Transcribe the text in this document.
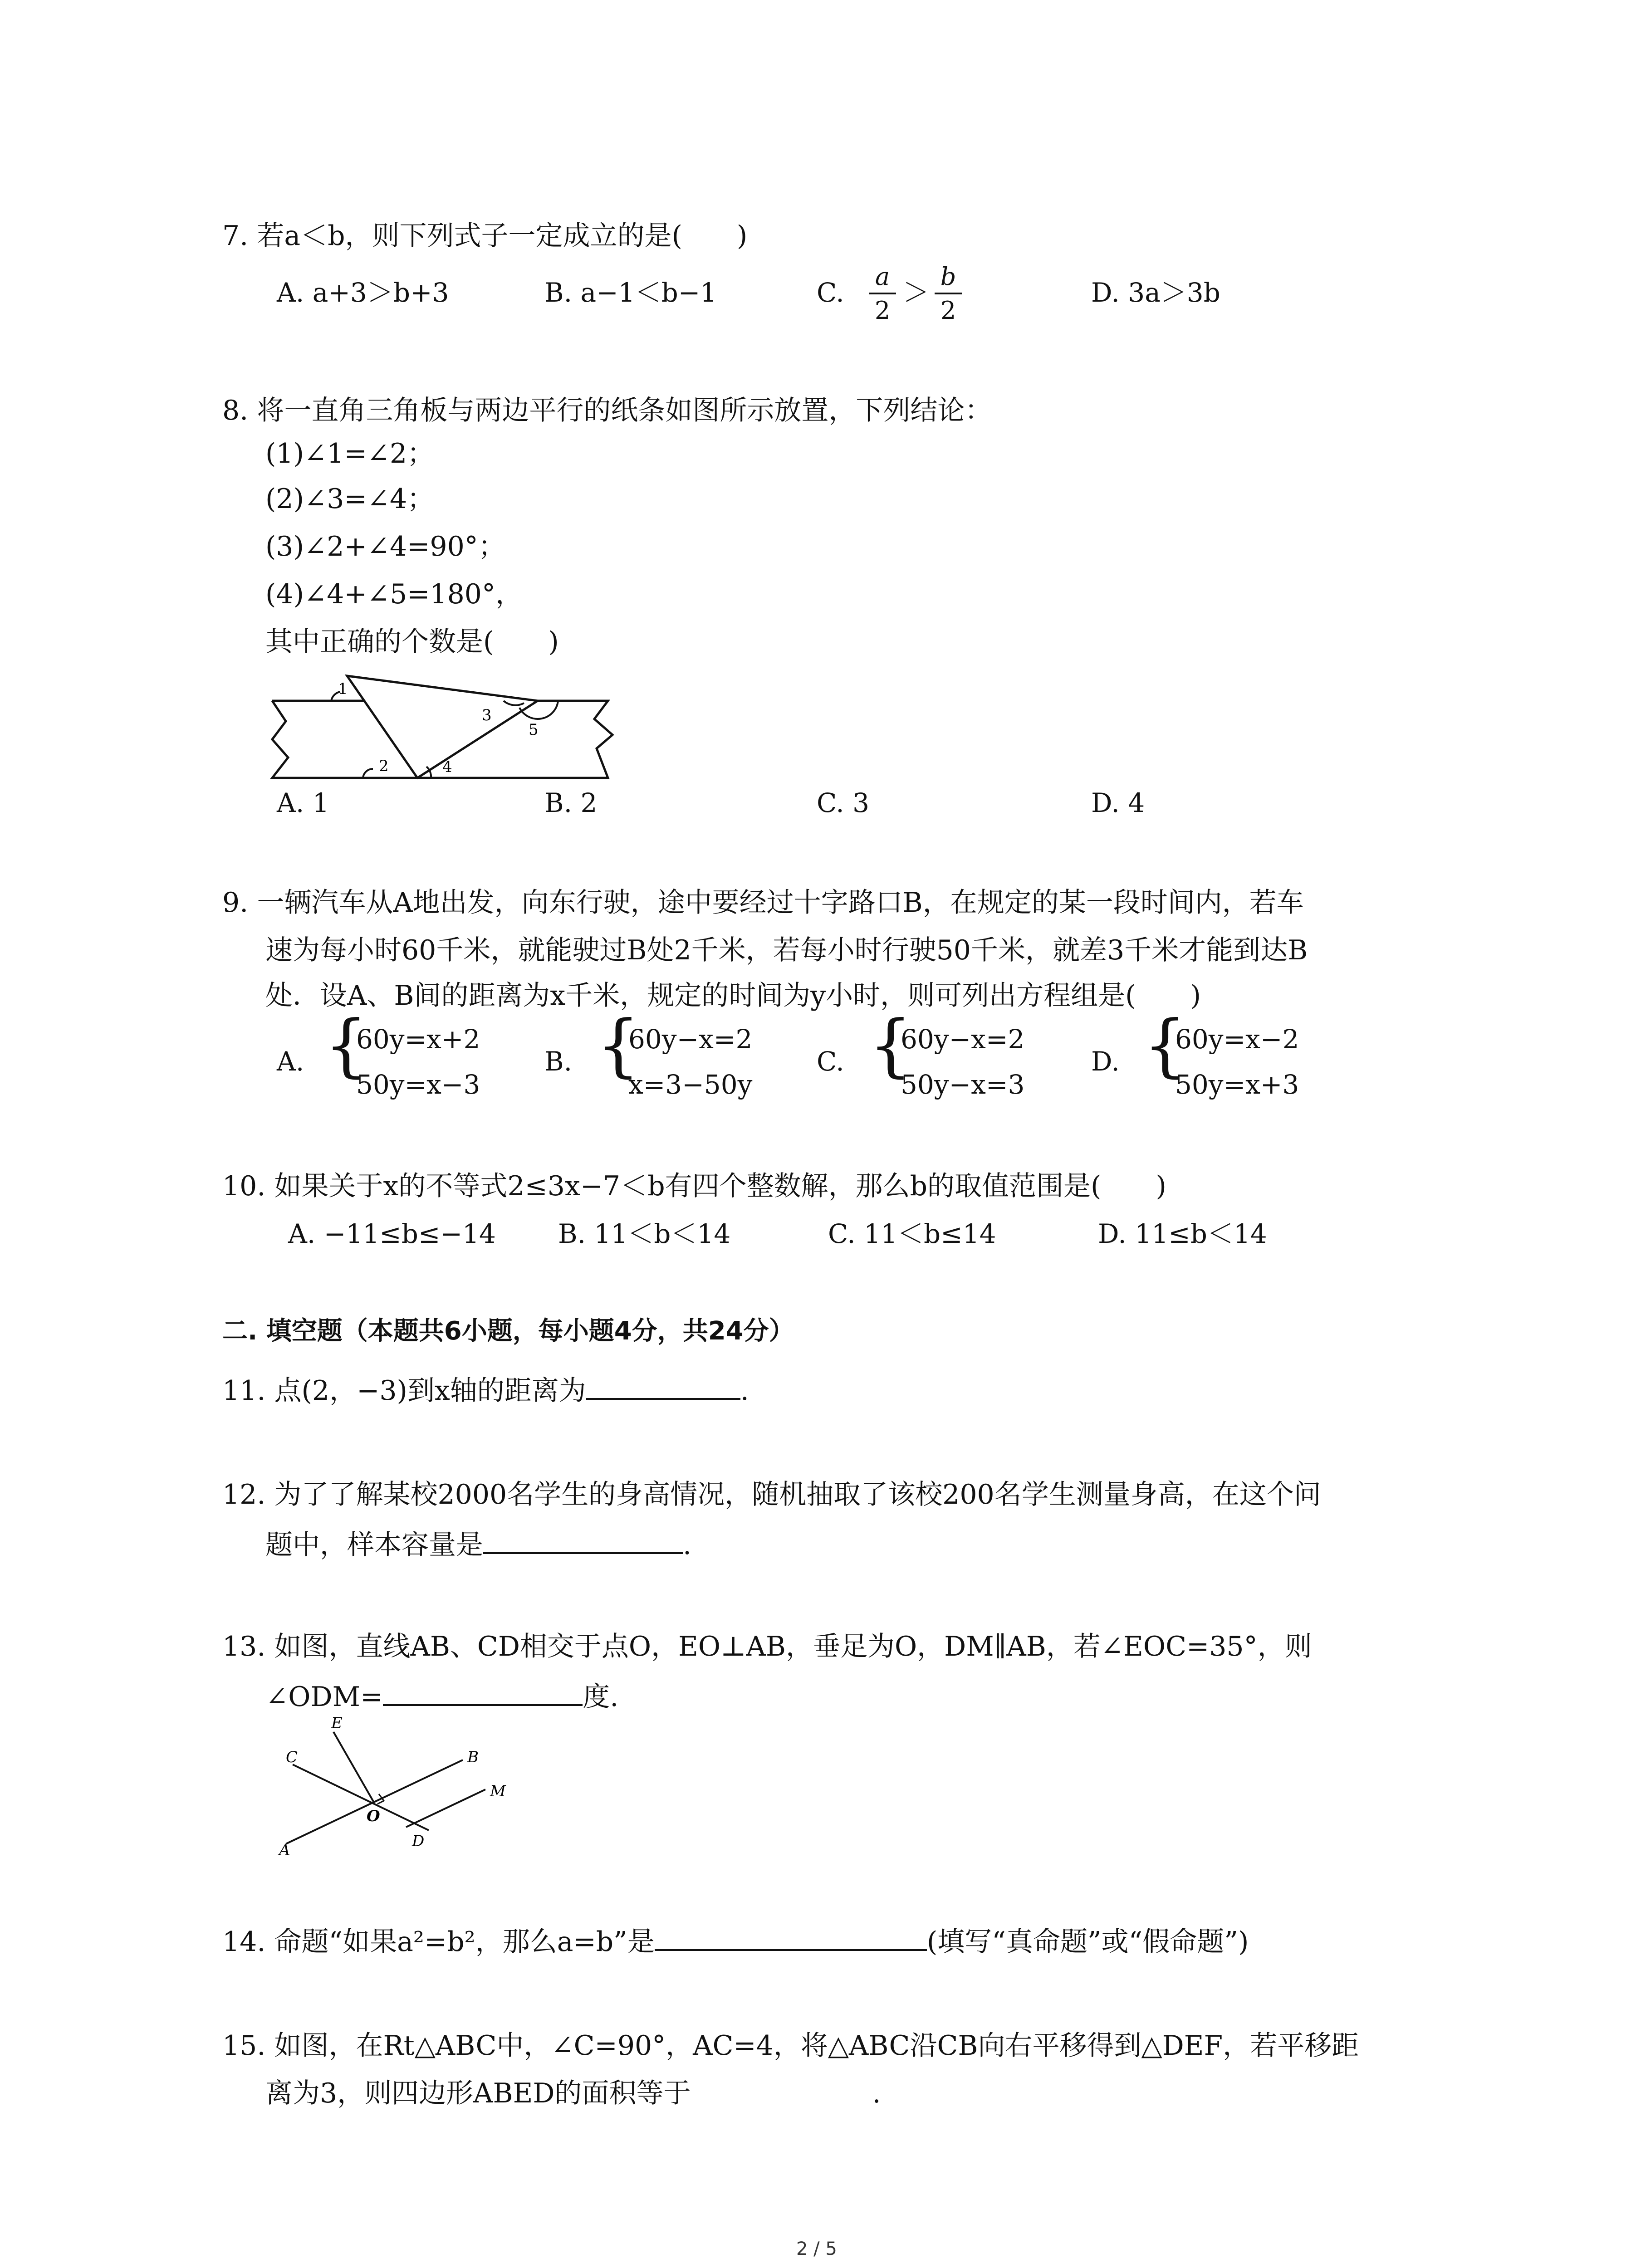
7. 若a＜b，则下列式子一定成立的是(　　)
A. a+3＞b+3	B. a−1＜b−1	C.
a
2
＞
b
2
D. 3a＞3b
8. 将一直角三角板与两边平行的纸条如图所示放置，下列结论：
(1)∠1=∠2；
(2)∠3=∠4；
(3)∠2+∠4=90°；
(4)∠4+∠5=180°，
其中正确的个数是(　　)
1
2
3
4
5
A. 1	B. 2	C. 3	D. 4
9. 一辆汽车从A地出发，向东行驶，途中要经过十字路口B，在规定的某一段时间内，若车
速为每小时60千米，就能驶过B处2千米，若每小时行驶50千米，就差3千米才能到达B
处．设A、B间的距离为x千米，规定的时间为y小时，则可列出方程组是(　　)
A. {
60y=x+2
50y=x−3
B. {
60y−x=2
x=3−50y
C. {
60y−x=2
50y−x=3
D. {
60y=x−2
50y=x+3
10. 如果关于x的不等式2≤3x−7＜b有四个整数解，那么b的取值范围是(　　)
A. −11≤b≤−14 B. 11＜b＜14	C. 11＜b≤14	D. 11≤b＜14
二. 填空题（本题共6小题，每小题4分，共24分）
11. 点(2，−3)到x轴的距离为	.
12. 为了了解某校2000名学生的身高情况，随机抽取了该校200名学生测量身高，在这个问
题中，样本容量是	.
13. 如图，直线AB、CD相交于点O，EO⊥AB，垂足为O，DM∥AB，若∠EOC=35°，则
∠ODM=	度.
E
C	B
O
M
A	D
14. 命题“如果a²=b²，那么a=b”是	(填写“真命题”或“假命题”)
15. 如图，在Rt△ABC中，∠C=90°，AC=4，将△ABC沿CB向右平移得到△DEF，若平移距
离为3，则四边形ABED的面积等于	.
2 / 5
